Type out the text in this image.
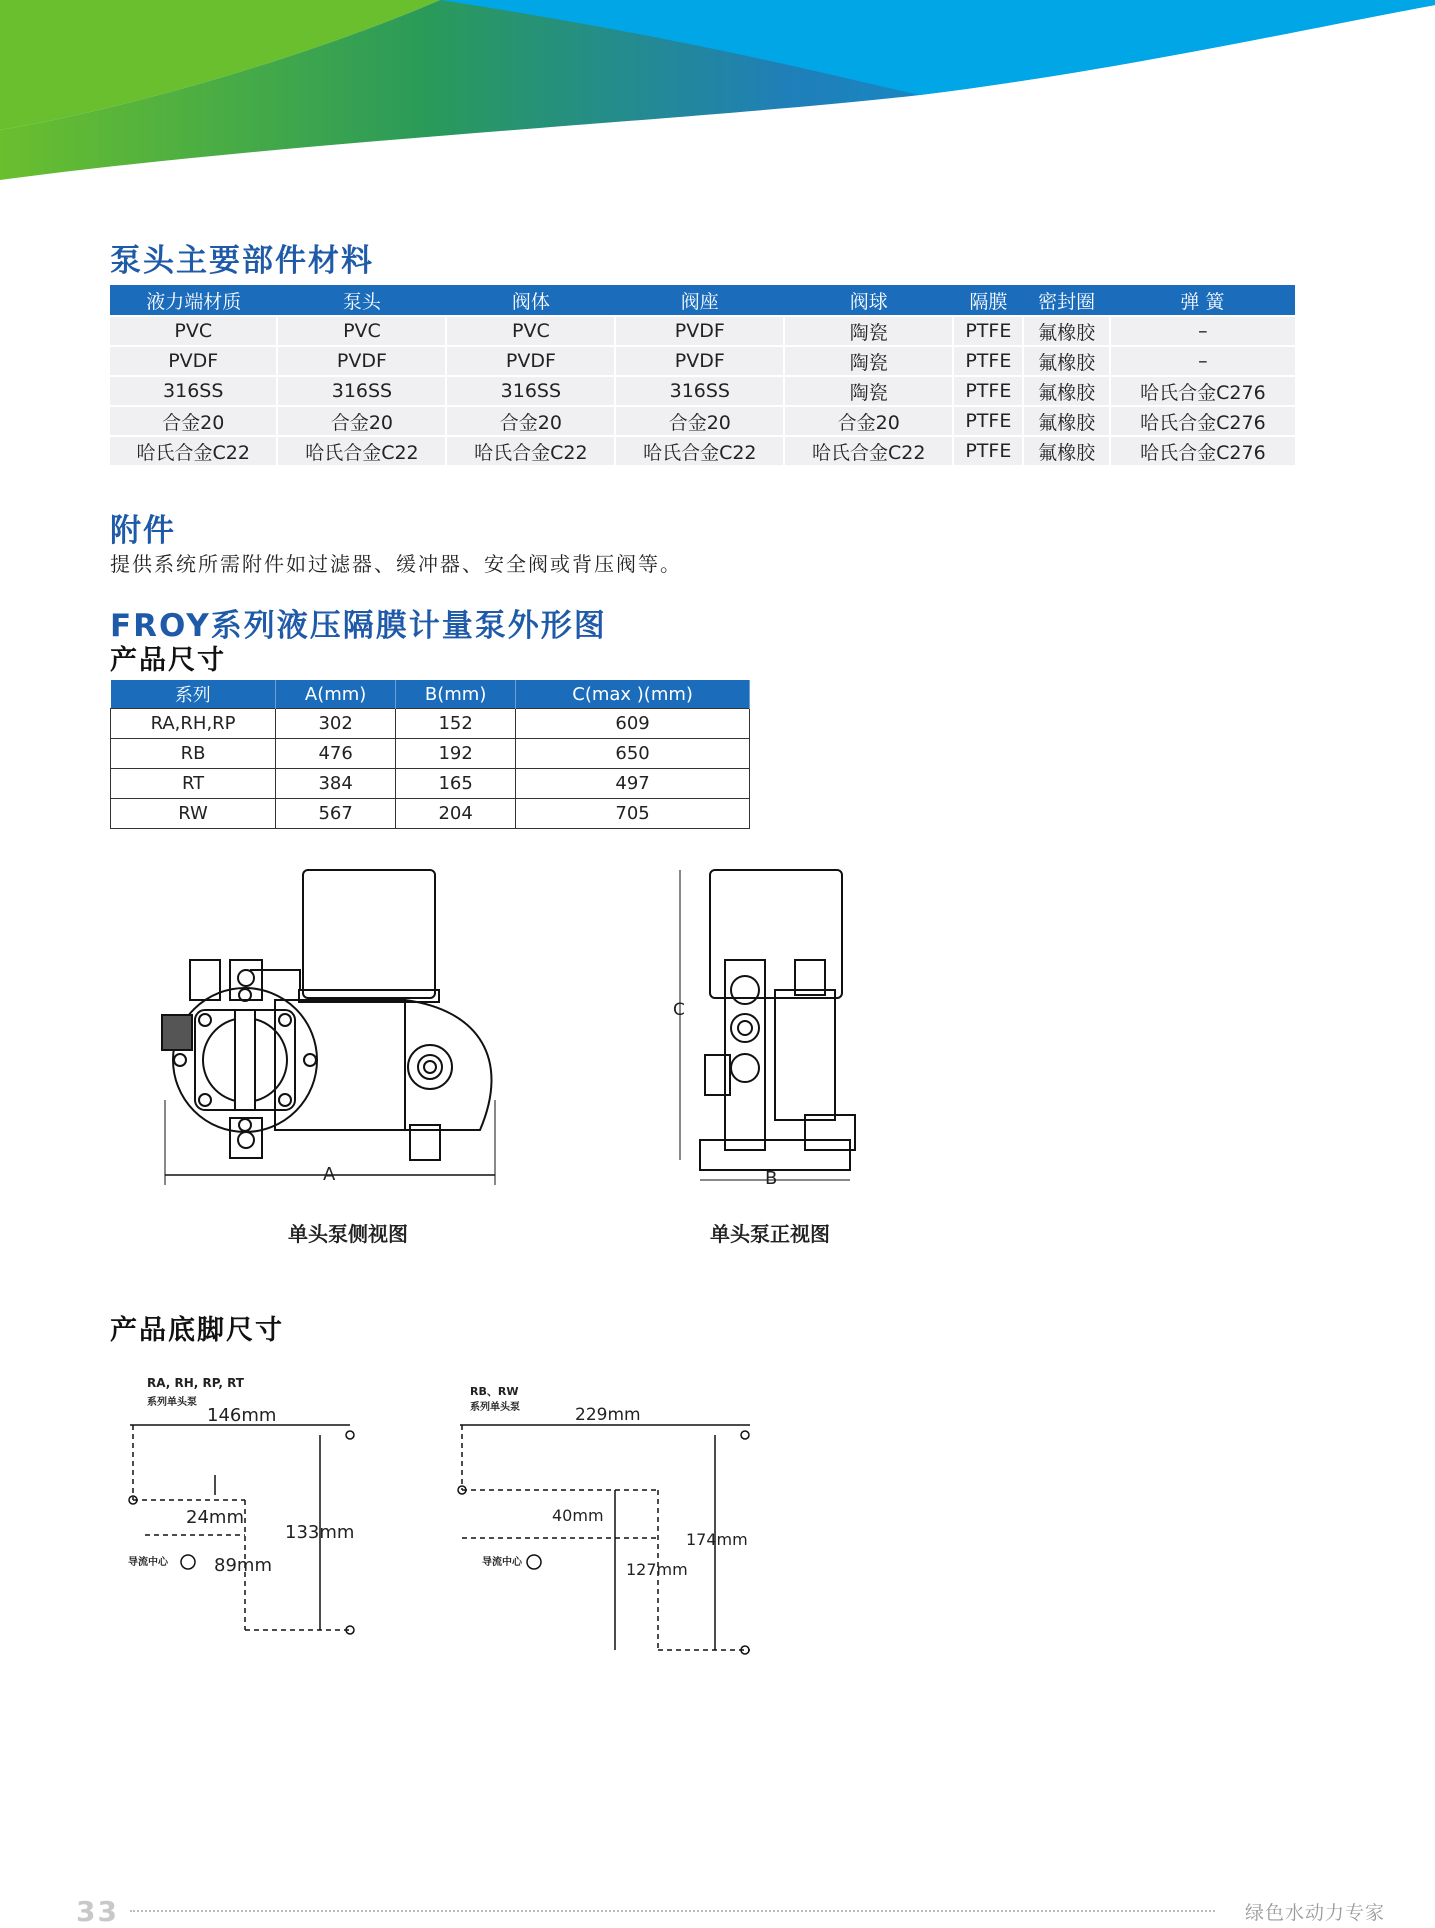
泵头主要部件材料
液力端材质	泵头	阀体	阀座	阀球	隔膜	密封圈	弹 簧
PVC	PVC	PVC	PVDF	陶瓷	PTFE	氟橡胶	–
PVDF	PVDF	PVDF	PVDF	陶瓷	PTFE	氟橡胶	–
316SS	316SS	316SS	316SS	陶瓷	PTFE	氟橡胶	哈氏合金C276
合金20	合金20	合金20	合金20	合金20	PTFE	氟橡胶	哈氏合金C276
哈氏合金C22	哈氏合金C22	哈氏合金C22	哈氏合金C22	哈氏合金C22	PTFE	氟橡胶	哈氏合金C276
附件

提供系统所需附件如过滤器、缓冲器、安全阀或背压阀等。

FROY系列液压隔膜计量泵外形图
产品尺寸
系列	A(mm)	B(mm)	C(max )(mm)
RA,RH,RP	302	152	609
RB	476	192	650
RT	384	165	497
RW	567	204	705
A
单头泵侧视图
C
B
单头泵正视图
产品底脚尺寸
RA, RH, RP, RT
系列单头泵
146mm
24mm
89mm
133mm
导流中心
RB、RW
系列单头泵	229mm
40mm
127mm
174mm
导流中心
33	绿色水动力专家
